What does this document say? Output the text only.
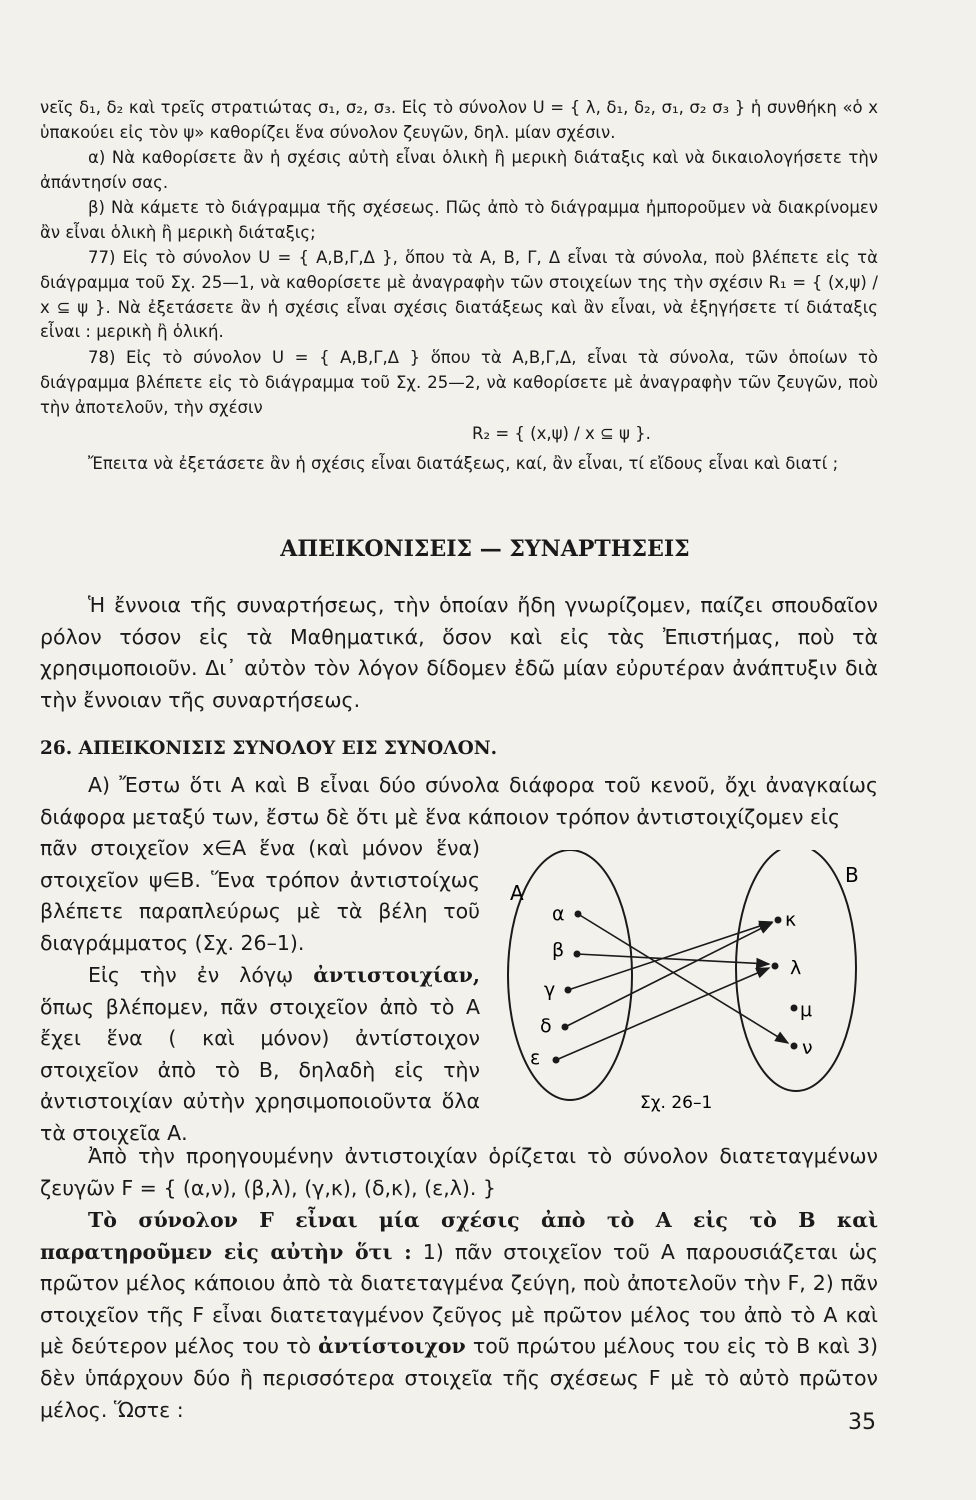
νεῖς δ₁, δ₂ καὶ τρεῖς στρατιώτας σ₁, σ₂, σ₃. Εἰς τὸ σύνολον U = { λ, δ₁, δ₂, σ₁, σ₂ σ₃ } ἡ συνθήκη «ὁ x ὑπακούει εἰς τὸν ψ» καθορίζει ἕνα σύνολον ζευγῶν, δηλ. μίαν σχέσιν.

α) Νὰ καθορίσετε ἂν ἡ σχέσις αὐτὴ εἶναι ὁλικὴ ἢ μερικὴ διάταξις καὶ νὰ δικαιολογήσετε τὴν ἀπάντησίν σας.

β) Νὰ κάμετε τὸ διάγραμμα τῆς σχέσεως. Πῶς ἀπὸ τὸ διάγραμμα ἠμποροῦμεν νὰ διακρίνομεν ἂν εἶναι ὁλικὴ ἢ μερικὴ διάταξις;

77) Εἰς τὸ σύνολον U = { Α,Β,Γ,Δ }, ὅπου τὰ Α, Β, Γ, Δ εἶναι τὰ σύνολα, ποὺ βλέπετε εἰς τὰ διάγραμμα τοῦ Σχ. 25—1, νὰ καθορίσετε μὲ ἀναγραφὴν τῶν στοιχείων της τὴν σχέσιν R₁ = { (x,ψ) / x ⊆ ψ }. Νὰ ἐξετάσετε ἂν ἡ σχέσις εἶναι σχέσις διατάξεως καὶ ἂν εἶναι, νὰ ἐξηγήσετε τί διάταξις εἶναι : μερικὴ ἢ ὁλική.

78) Εἰς τὸ σύνολον U = { Α,Β,Γ,Δ } ὅπου τὰ Α,Β,Γ,Δ, εἶναι τὰ σύνολα, τῶν ὁποίων τὸ διάγραμμα βλέπετε εἰς τὸ διάγραμμα τοῦ Σχ. 25—2, νὰ καθορίσετε μὲ ἀναγραφὴν τῶν ζευγῶν, ποὺ τὴν ἀποτελοῦν, τὴν σχέσιν

R₂ = { (x,ψ) / x ⊆ ψ }.

Ἔπειτα νὰ ἐξετάσετε ἂν ἡ σχέσις εἶναι διατάξεως, καί, ἂν εἶναι, τί εἴδους εἶναι καὶ διατί ;

ΑΠΕΙΚΟΝΙΣΕΙΣ — ΣΥΝΑΡΤΗΣΕΙΣ

Ἡ ἔννοια τῆς συναρτήσεως, τὴν ὁποίαν ἤδη γνωρίζομεν, παίζει σπουδαῖον ρόλον τόσον εἰς τὰ Μαθηματικά, ὅσον καὶ εἰς τὰς Ἐπιστήμας, ποὺ τὰ χρησιμοποιοῦν. Δι᾿ αὐτὸν τὸν λόγον δίδομεν ἐδῶ μίαν εὐρυτέραν ἀνάπτυξιν διὰ τὴν ἔννοιαν τῆς συναρτήσεως.

26. ΑΠΕΙΚΟΝΙΣΙΣ ΣΥΝΟΛΟΥ ΕΙΣ ΣΥΝΟΛΟΝ.

Α) Ἔστω ὅτι Α καὶ Β εἶναι δύο σύνολα διάφορα τοῦ κενοῦ, ὄχι ἀναγκαίως διάφορα μεταξύ των, ἔστω δὲ ὅτι μὲ ἕνα κάποιον τρόπον ἀντιστοιχίζομεν εἰς

πᾶν στοιχεῖον x∈Α ἕνα (καὶ μόνον ἕνα) στοιχεῖον ψ∈Β. Ἕνα τρόπον ἀντιστοίχως βλέπετε παραπλεύρως μὲ τὰ βέλη τοῦ διαγράμματος (Σχ. 26–1).

Εἰς τὴν ἐν λόγῳ ἀντιστοιχίαν, ὅπως βλέπομεν, πᾶν στοιχεῖον ἀπὸ τὸ Α ἔχει ἕνα ( καὶ μόνον) ἀντίστοιχον στοιχεῖον ἀπὸ τὸ Β, δηλαδὴ εἰς τὴν ἀντιστοιχίαν αὐτὴν χρησιμοποιοῦντα ὅλα τὰ στοιχεῖα Α.

Ἀπὸ τὴν προηγουμένην ἀντιστοιχίαν ὁρίζεται τὸ σύνολον διατεταγμένων ζευγῶν F = { (α,ν), (β,λ), (γ,κ), (δ,κ), (ε,λ). }

Τὸ σύνολον F εἶναι μία σχέσις ἀπὸ τὸ Α εἰς τὸ Β καὶ παρατηροῦμεν εἰς αὐτὴν ὅτι : 1) πᾶν στοιχεῖον τοῦ Α παρουσιάζεται ὡς πρῶτον μέλος κάποιου ἀπὸ τὰ διατεταγμένα ζεύγη, ποὺ ἀποτελοῦν τὴν F, 2) πᾶν στοιχεῖον τῆς F εἶναι διατεταγμένον ζεῦγος μὲ πρῶτον μέλος του ἀπὸ τὸ Α καὶ μὲ δεύτερον μέλος του τὸ ἀντίστοιχον τοῦ πρώτου μέλους του εἰς τὸ Β καὶ 3) δὲν ὑπάρχουν δύο ἢ περισσότερα στοιχεῖα τῆς σχέσεως F μὲ τὸ αὐτὸ πρῶτον μέλος. Ὥστε :

Α
Β
α
β
γ
δ
ε
κ
λ
μ
ν
Σχ. 26–1
35
